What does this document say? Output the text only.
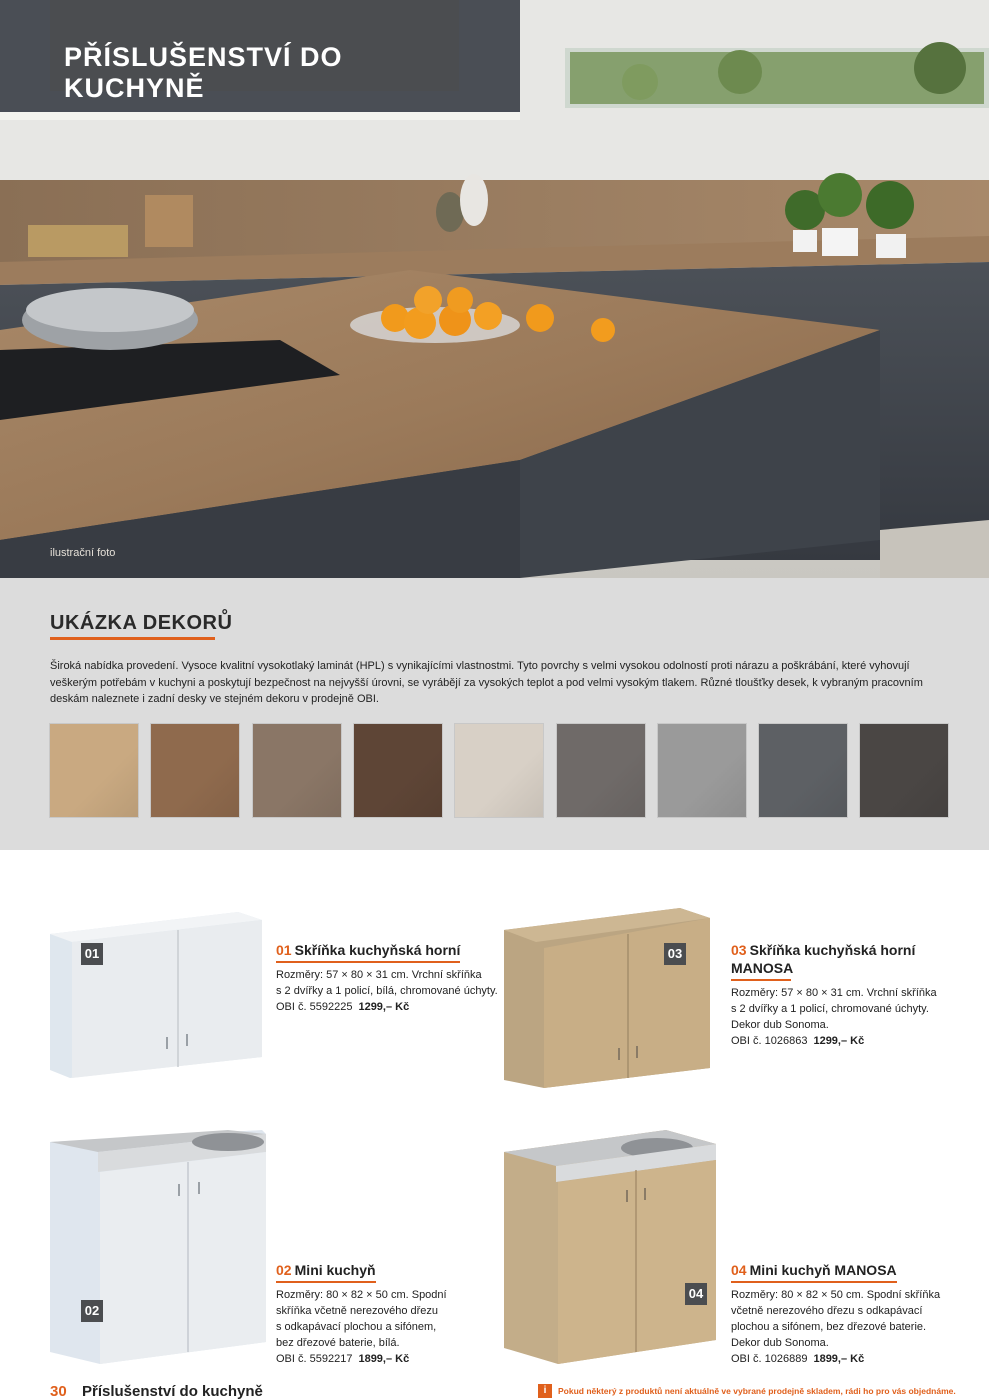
PŘÍSLUŠENSTVÍ DO KUCHYNĚ
ilustrační foto
UKÁZKA DEKORŮ

Široká nabídka provedení. Vysoce kvalitní vysokotlaký laminát (HPL) s vynikajícími vlastnostmi. Tyto povrchy s velmi vysokou odolností proti nárazu a poškrábání, které vyhovují veškerým potřebám v kuchyni a poskytují bezpečnost na nejvyšší úrovni, se vyrábějí za vysokých teplot a pod velmi vysokým tlakem. Různé tloušťky desek, k vybraným pracovním deskám naleznete i zadní desky ve stejném dekoru v prodejně OBI.

01	01 Skříňka kuchyňská horní
Rozměry: 57 × 80 × 31 cm. Vrchní skříňka
s 2 dvířky a 1 policí, bílá, chromované úchyty.
OBI č. 5592225 1299,– Kč
03	03 Skříňka kuchyňská horní
MANOSA
Rozměry: 57 × 80 × 31 cm. Vrchní skříňka
s 2 dvířky a 1 policí, chromované úchyty.
Dekor dub Sonoma.
OBI č. 1026863 1299,– Kč
02
02 Mini kuchyň
Rozměry: 80 × 82 × 50 cm. Spodní
skříňka včetně nerezového dřezu
s odkapávací plochou a sifónem,
bez dřezové baterie, bílá.
OBI č. 5592217 1899,– Kč
04
04 Mini kuchyň MANOSA
Rozměry: 80 × 82 × 50 cm. Spodní skříňka
včetně nerezového dřezu s odkapávací
plochou a sifónem, bez dřezové baterie.
Dekor dub Sonoma.
OBI č. 1026889 1899,– Kč
30 Příslušenství do kuchyně	i	Pokud některý z produktů není aktuálně ve vybrané prodejně skladem, rádi ho pro vás objednáme.
